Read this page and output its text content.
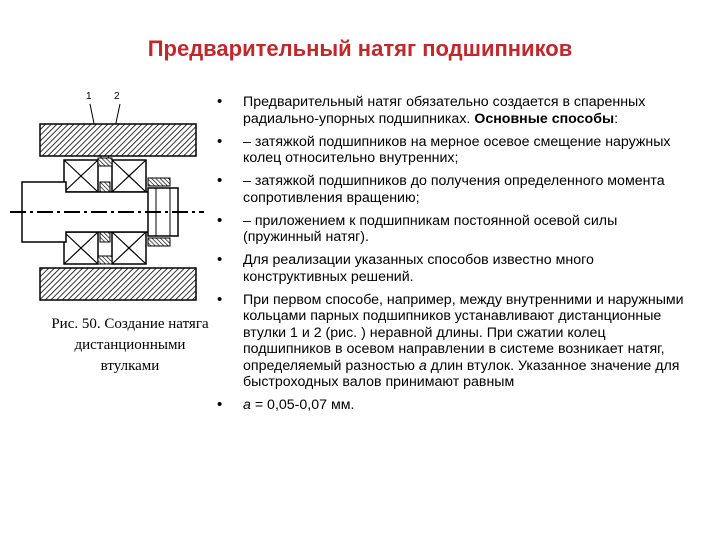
Предварительный натяг подшипников
1 2
Рис. 50. Создание натяга дистанционными втулками
• Предварительный натяг обязательно создается в спаренных радиально-упорных подшипниках. Основные способы:
• – затяжкой подшипников на мерное осевое смещение наружных колец относительно внутренних;
• – затяжкой подшипников до получения определенного момента сопротивления вращению;
• – приложением к подшипникам постоянной осевой силы (пружинный натяг).
• Для реализации указанных способов известно много конструктивных решений.
• При первом способе, например, между внутренними и наружными кольцами парных подшипников устанавливают дистанционные втулки 1 и 2 (рис. ) неравной длины. При сжатии колец подшипников в осевом направлении в системе возникает натяг, определяемый разностью а длин втулок. Указанное значение для быстроходных валов принимают равным
• а = 0,05-0,07 мм.
